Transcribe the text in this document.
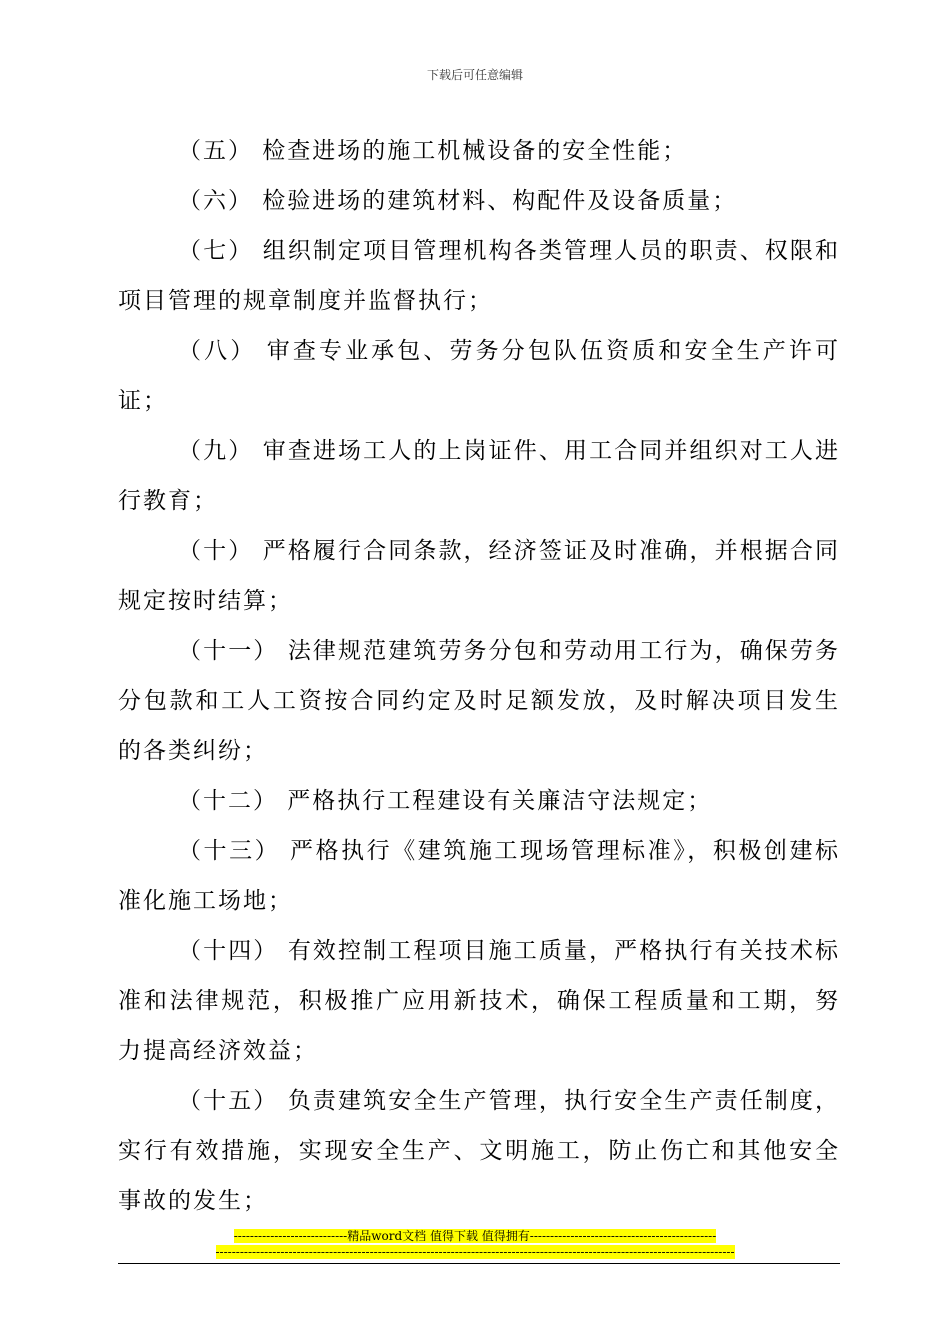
下载后可任意编辑

（五） 检查进场的施工机械设备的安全性能；

（六） 检验进场的建筑材料、构配件及设备质量；

（七） 组织制定项目管理机构各类管理人员的职责、权限和项目管理的规章制度并监督执行；

（八） 审查专业承包、劳务分包队伍资质和安全生产许可证；

（九） 审查进场工人的上岗证件、用工合同并组织对工人进行教育；

（十） 严格履行合同条款，经济签证及时准确，并根据合同规定按时结算；

（十一） 法律规范建筑劳务分包和劳动用工行为，确保劳务分包款和工人工资按合同约定及时足额发放，及时解决项目发生的各类纠纷；

（十二） 严格执行工程建设有关廉洁守法规定；

（十三） 严格执行《建筑施工现场管理标准》，积极创建标准化施工场地；

（十四） 有效控制工程项目施工质量，严格执行有关技术标准和法律规范，积极推广应用新技术，确保工程质量和工期，努力提高经济效益；

（十五） 负责建筑安全生产管理，执行安全生产责任制度，实行有效措施，实现安全生产、文明施工，防止伤亡和其他安全事故的发生；

----------------------------精品word文档 值得下载 值得拥有----------------------------------------------
--------------------------------------------------------------------------------------------------------------------------------
